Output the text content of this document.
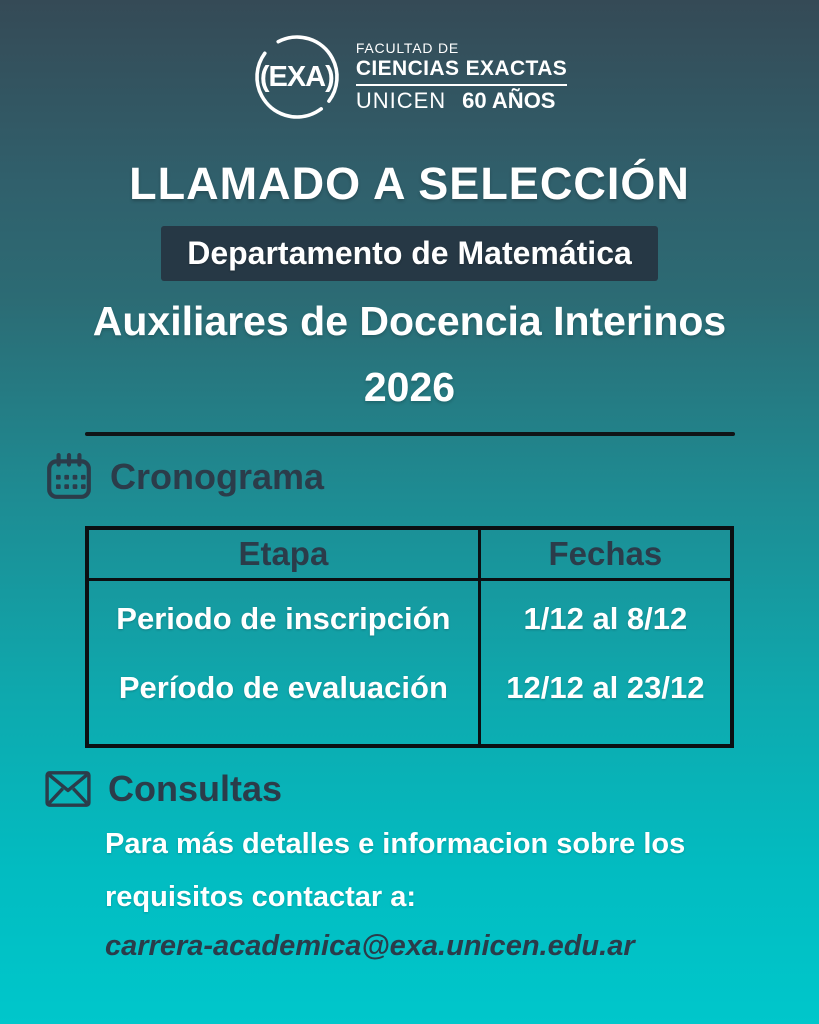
(EXA)
FACULTAD DE
CIENCIAS EXACTAS
UNICEN 60 AÑOS
LLAMADO A SELECCIÓN
Departamento de Matemática
Auxiliares de Docencia Interinos
2026
Cronograma
Etapa	Fechas
Periodo de inscripción	1/12 al 8/12
Período de evaluación	12/12 al 23/12
Consultas
Para más detalles e informacion sobre los
requisitos contactar a:
carrera-academica@exa.unicen.edu.ar
